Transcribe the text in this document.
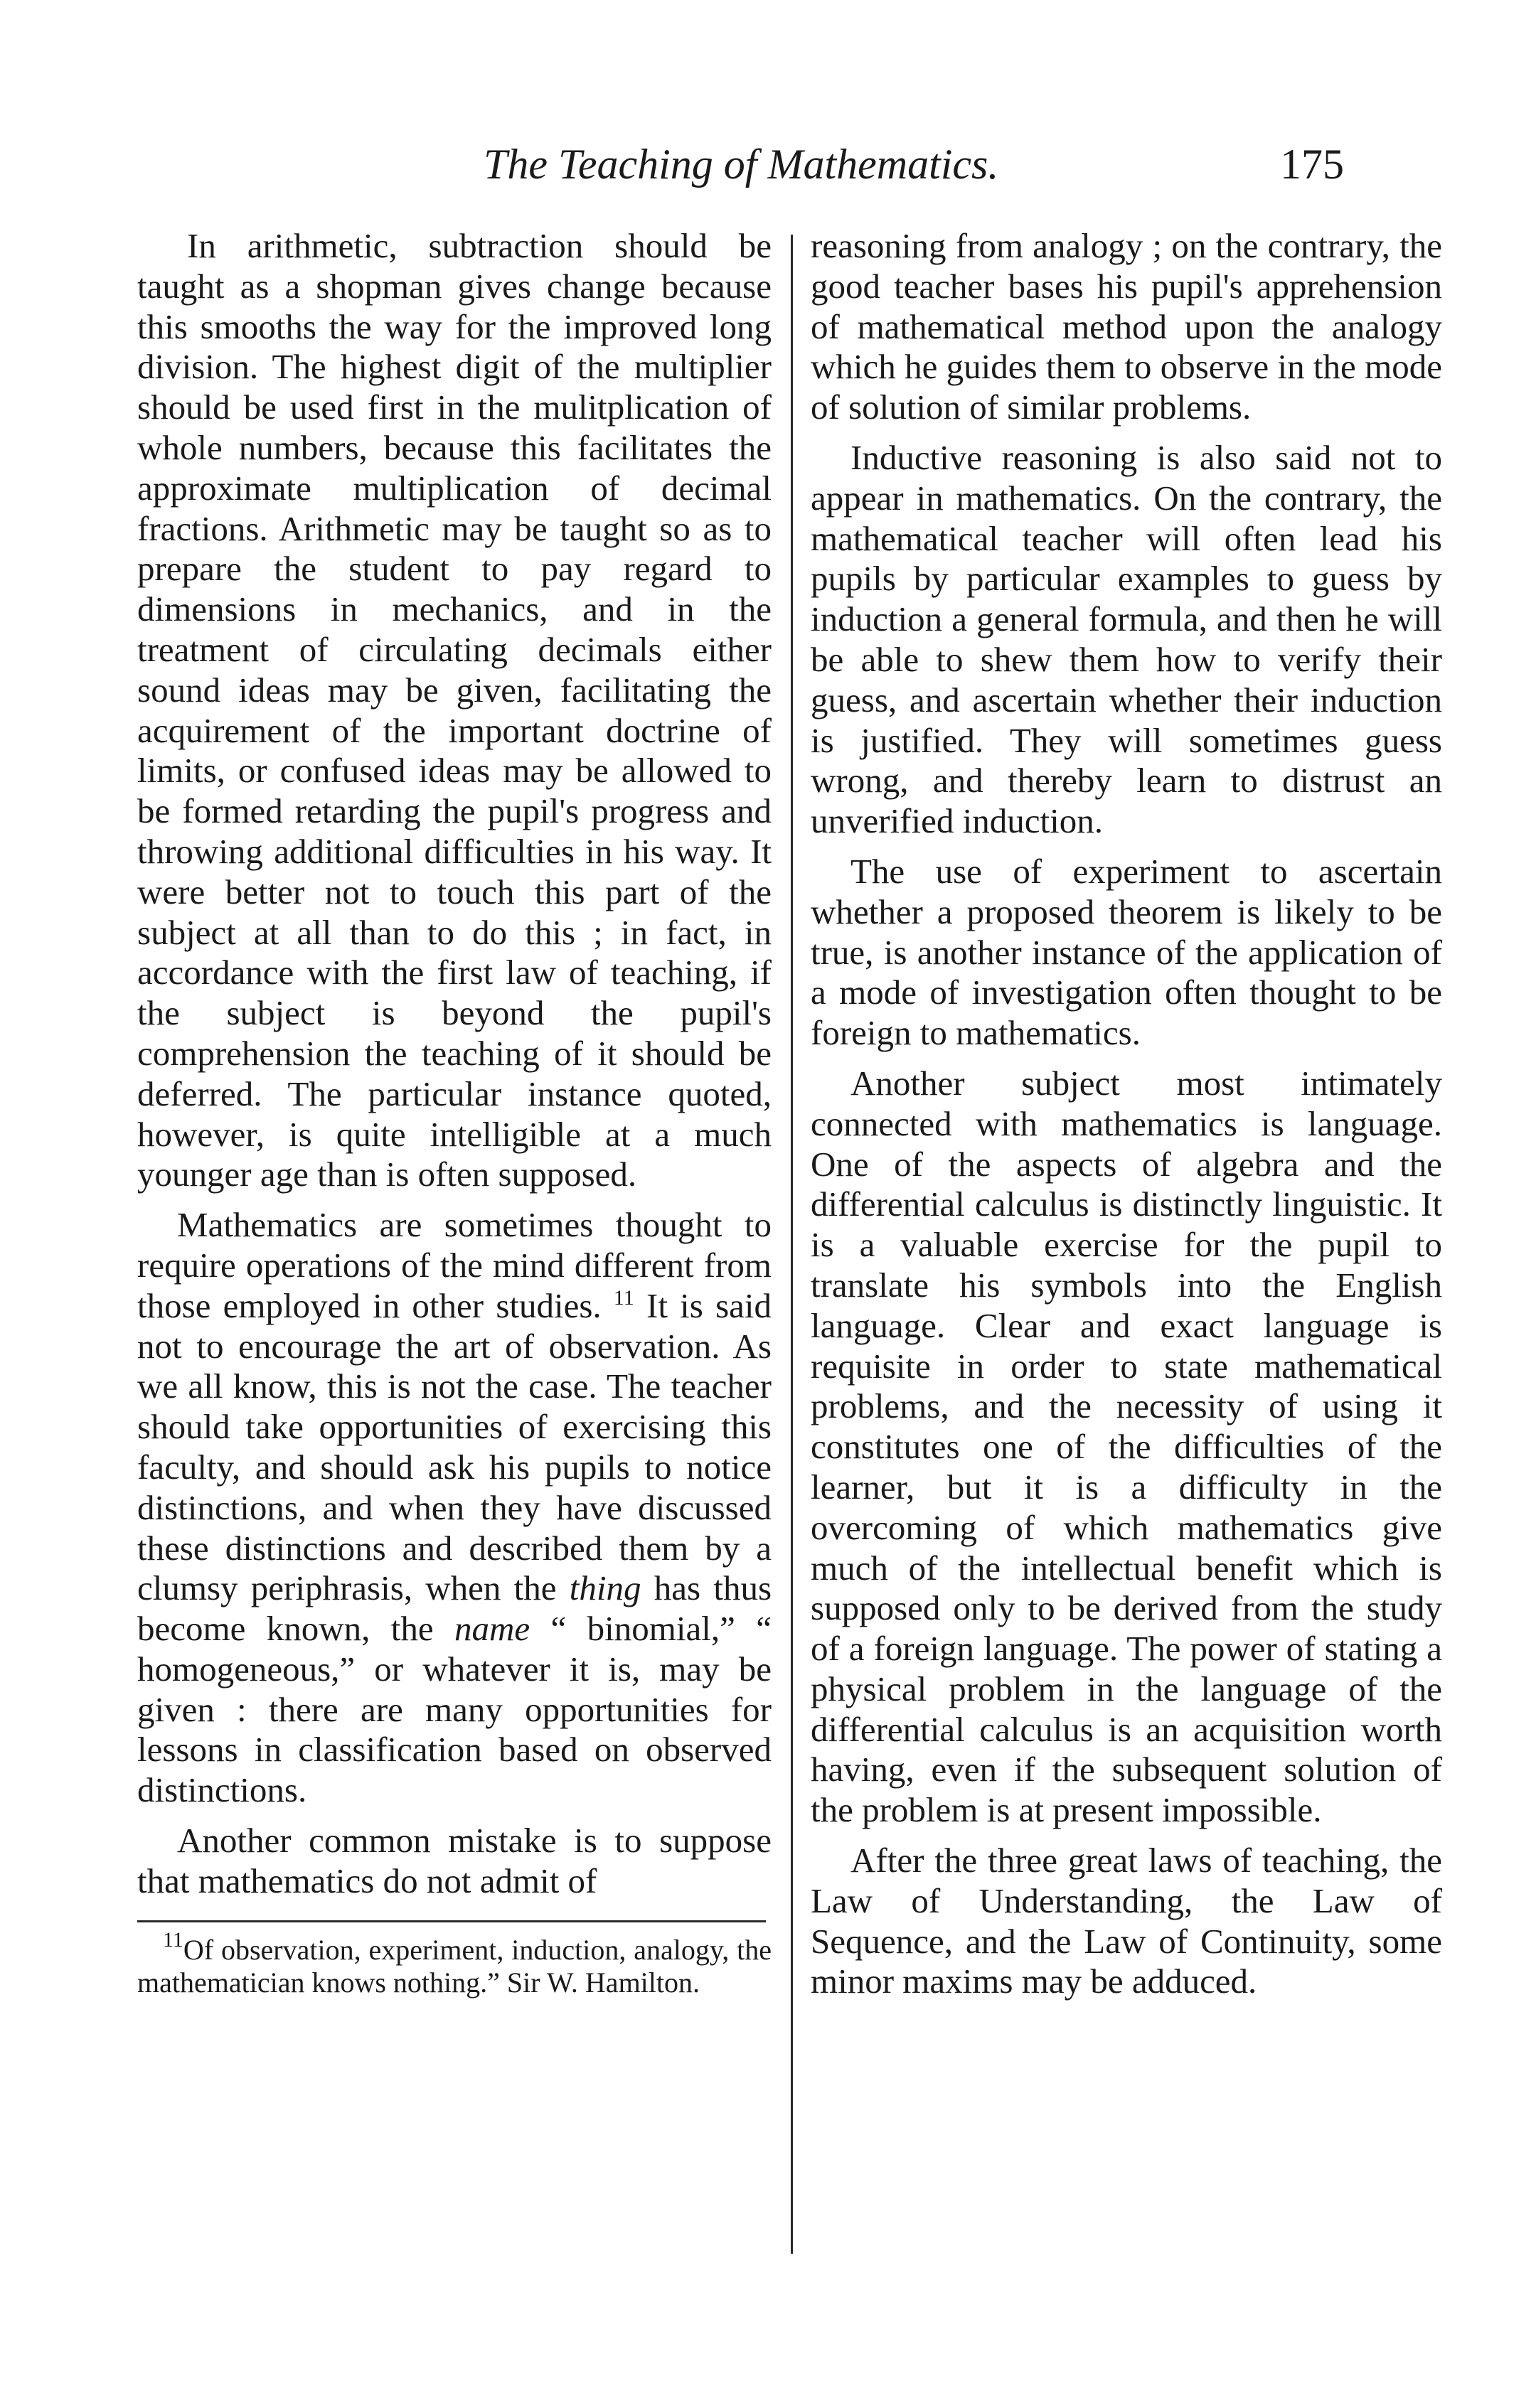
The Teaching of Mathematics.	175

In arithmetic, subtraction should be taught as a shopman gives change because this smooths the way for the improved long division. The highest digit of the multiplier should be used first in the mulitplication of whole numbers, because this facilitates the approximate multiplication of decimal fractions. Arithmetic may be taught so as to prepare the student to pay regard to dimensions in mechanics, and in the treatment of circulating decimals either sound ideas may be given, facilitating the acquirement of the important doctrine of limits, or confused ideas may be allowed to be formed retarding the pupil's progress and throwing additional difficulties in his way. It were better not to touch this part of the subject at all than to do this ; in fact, in accordance with the first law of teaching, if the subject is beyond the pupil's comprehension the teaching of it should be deferred. The particular instance quoted, however, is quite intelligible at a much younger age than is often supposed.

Mathematics are sometimes thought to require operations of the mind different from those employed in other studies. $^{11}$ It is said not to encourage the art of observation. As we all know, this is not the case. The teacher should take opportunities of exercising this faculty, and should ask his pupils to notice distinctions, and when they have discussed these distinctions and described them by a clumsy periphrasis, when the thing has thus become known, the name “ binomial,” “ homogeneous,” or whatever it is, may be given : there are many opportunities for lessons in classification based on observed distinctions.

Another common mistake is to suppose that mathematics do not admit of

$^{11}$Of observation, experiment, induction, analogy, the mathematician knows nothing.” Sir W. Hamilton.

reasoning from analogy ; on the contrary, the good teacher bases his pupil's apprehension of mathematical method upon the analogy which he guides them to observe in the mode of solution of similar problems.

Inductive reasoning is also said not to appear in mathematics. On the contrary, the mathematical teacher will often lead his pupils by particular examples to guess by induction a general formula, and then he will be able to shew them how to verify their guess, and ascertain whether their induction is justified. They will sometimes guess wrong, and thereby learn to distrust an unverified induction.

The use of experiment to ascertain whether a proposed theorem is likely to be true, is another instance of the application of a mode of investigation often thought to be foreign to mathematics.

Another subject most intimately connected with mathematics is language. One of the aspects of algebra and the differential calculus is distinctly linguistic. It is a valuable exercise for the pupil to translate his symbols into the English language. Clear and exact language is requisite in order to state mathematical problems, and the necessity of using it constitutes one of the difficulties of the learner, but it is a difficulty in the overcoming of which mathematics give much of the intellectual benefit which is supposed only to be derived from the study of a foreign language. The power of stating a physical problem in the language of the differential calculus is an acquisition worth having, even if the subsequent solution of the problem is at present impossible.

After the three great laws of teaching, the Law of Understanding, the Law of Sequence, and the Law of Continuity, some minor maxims may be adduced.
